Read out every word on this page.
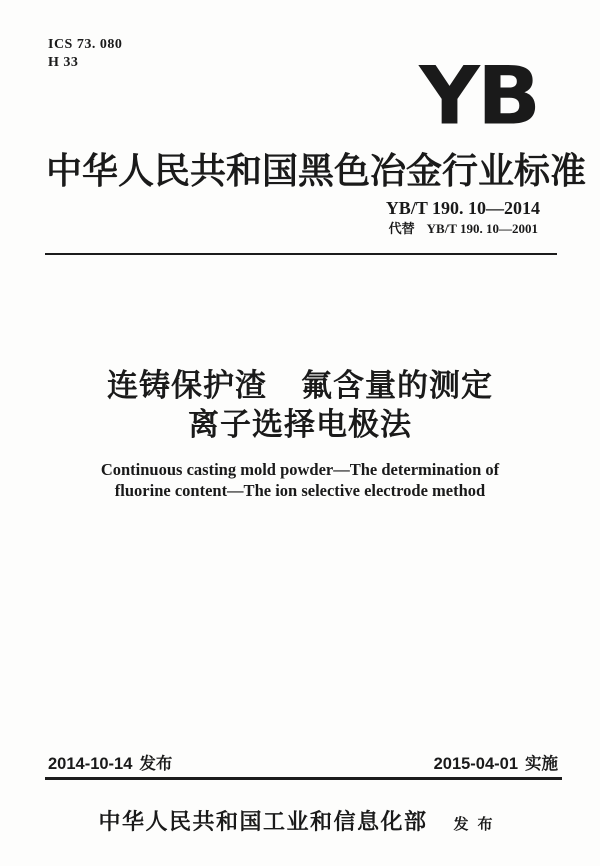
ICS 73. 080
H 33	YB
中华人民共和国黑色冶金行业标准
YB/T 190. 10—2014
代替 YB/T 190. 10—2001
连铸保护渣 氟含量的测定
离子选择电极法
Continuous casting mold powder—The determination of
fluorine content—The ion selective electrode method
2014-10-14 发布	2015-04-01 实施
中华人民共和国工业和信息化部 发布
